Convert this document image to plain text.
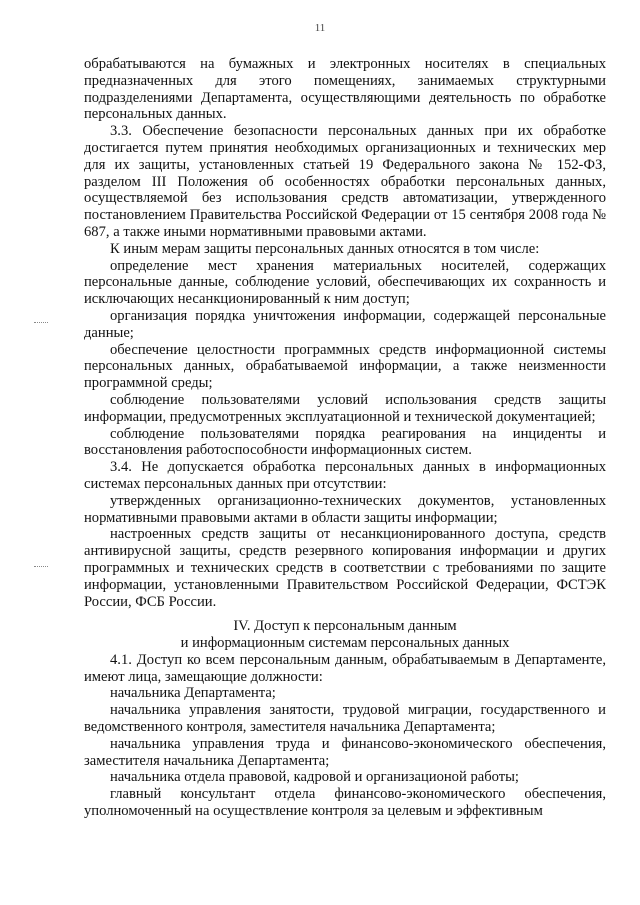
11

обрабатываются на бумажных и электронных носителях в специальных предназначенных для этого помещениях, занимаемых структурными подразделениями Департамента, осуществляющими деятельность по обработке персональных данных.

3.3. Обеспечение безопасности персональных данных при их обработке достигается путем принятия необходимых организационных и технических мер для их защиты, установленных статьей 19 Федерального закона № 152-ФЗ, разделом III Положения об особенностях обработки персональных данных, осуществляемой без использования средств автоматизации, утвержденного постановлением Правительства Российской Федерации от 15 сентября 2008 года № 687, а также иными нормативными правовыми актами.

К иным мерам защиты персональных данных относятся в том числе:

определение мест хранения материальных носителей, содержащих персональные данные, соблюдение условий, обеспечивающих их сохранность и исключающих несанкционированный к ним доступ;

организация порядка уничтожения информации, содержащей персональные данные;

обеспечение целостности программных средств информационной системы персональных данных, обрабатываемой информации, а также неизменности программной среды;

соблюдение пользователями условий использования средств защиты информации, предусмотренных эксплуатационной и технической документацией;

соблюдение пользователями порядка реагирования на инциденты и восстановления работоспособности информационных систем.

3.4. Не допускается обработка персональных данных в информационных системах персональных данных при отсутствии:

утвержденных организационно-технических документов, установленных нормативными правовыми актами в области защиты информации;

настроенных средств защиты от несанкционированного доступа, средств антивирусной защиты, средств резервного копирования информации и других программных и технических средств в соответствии с требованиями по защите информации, установленными Правительством Российской Федерации, ФСТЭК России, ФСБ России.

IV. Доступ к персональным данным
и информационным системам персональных данных

4.1. Доступ ко всем персональным данным, обрабатываемым в Департаменте, имеют лица, замещающие должности:

начальника Департамента;

начальника управления занятости, трудовой миграции, государственного и ведомственного контроля, заместителя начальника Департамента;

начальника управления труда и финансово-экономического обеспечения, заместителя начальника Департамента;

начальника отдела правовой, кадровой и организационой работы;

главный консультант отдела финансово-экономического обеспечения, уполномоченный на осуществление контроля за целевым и эффективным
